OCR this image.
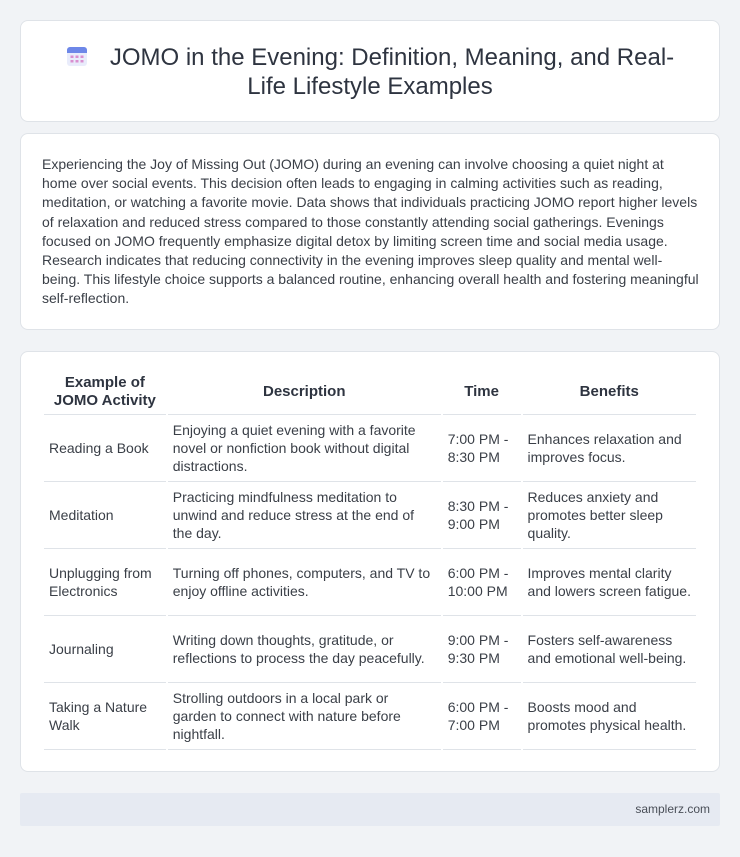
JOMO in the Evening: Definition, Meaning, and Real-Life Lifestyle Examples

Experiencing the Joy of Missing Out (JOMO) during an evening can involve choosing a quiet night at home over social events. This decision often leads to engaging in calming activities such as reading, meditation, or watching a favorite movie. Data shows that individuals practicing JOMO report higher levels of relaxation and reduced stress compared to those constantly attending social gatherings. Evenings focused on JOMO frequently emphasize digital detox by limiting screen time and social media usage. Research indicates that reducing connectivity in the evening improves sleep quality and mental well-being. This lifestyle choice supports a balanced routine, enhancing overall health and fostering meaningful self-reflection.

Example of JOMO Activity	Description	Time	Benefits
Reading a Book	Enjoying a quiet evening with a favorite novel or nonfiction book without digital distractions.	7:00 PM - 8:30 PM	Enhances relaxation and improves focus.
Meditation	Practicing mindfulness meditation to unwind and reduce stress at the end of the day.	8:30 PM - 9:00 PM	Reduces anxiety and promotes better sleep quality.
Unplugging from Electronics	Turning off phones, computers, and TV to enjoy offline activities.	6:00 PM - 10:00 PM	Improves mental clarity and lowers screen fatigue.
Journaling	Writing down thoughts, gratitude, or reflections to process the day peacefully.	9:00 PM - 9:30 PM	Fosters self-awareness and emotional well-being.
Taking a Nature Walk	Strolling outdoors in a local park or garden to connect with nature before nightfall.	6:00 PM - 7:00 PM	Boosts mood and promotes physical health.
samplerz.com
